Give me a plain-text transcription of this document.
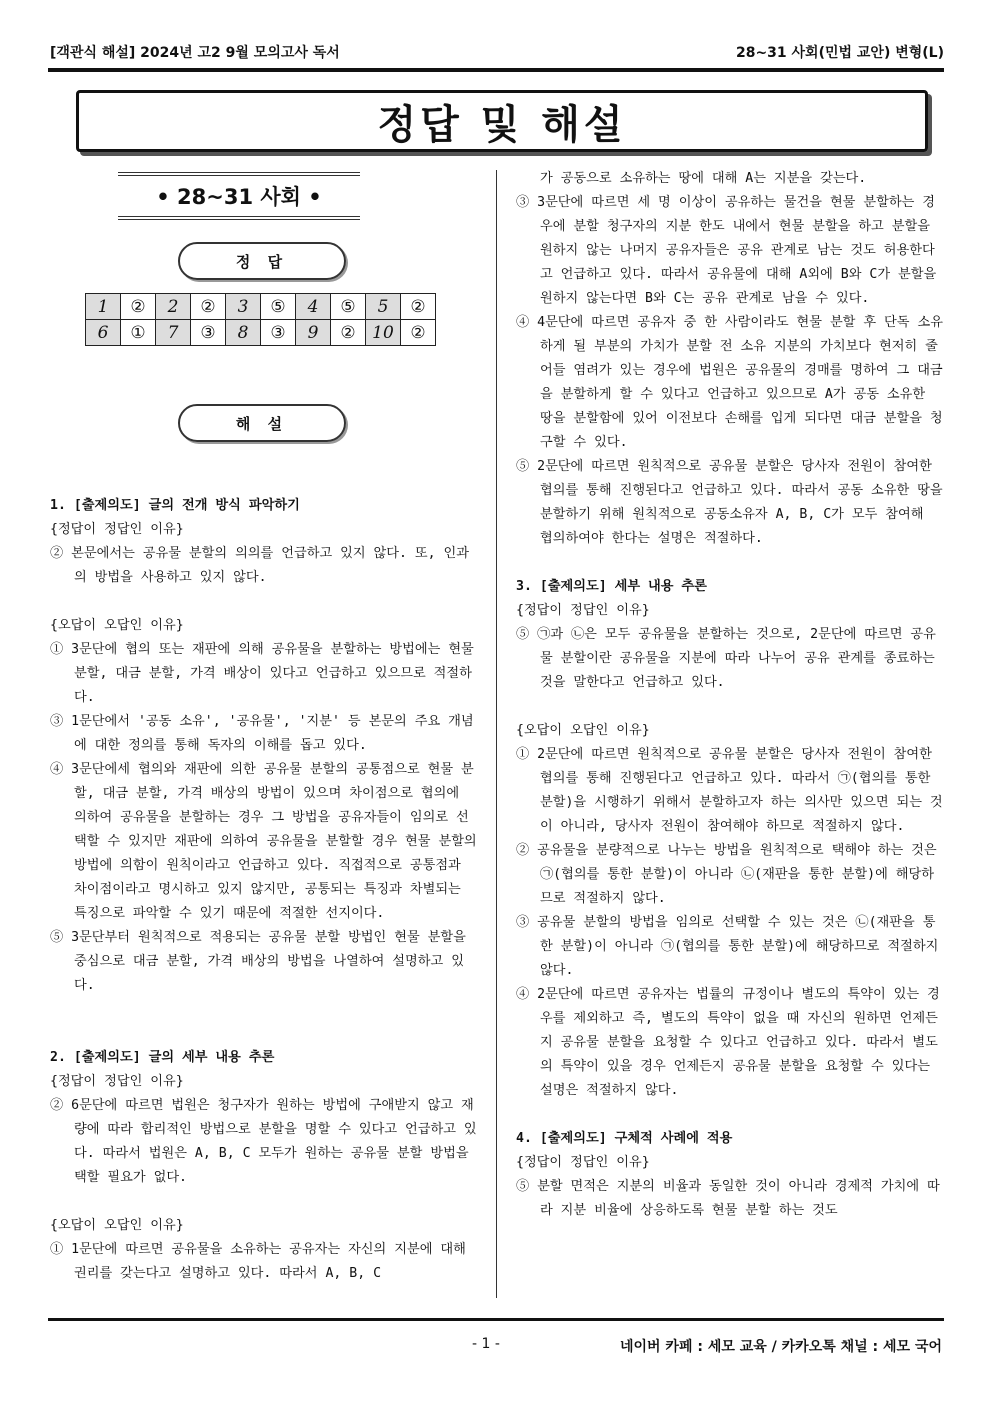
[객관식 해설] 2024년 고2 9월 모의고사 독서	28~31 사회(민법 교안) 변형(L)
정답 및 해설
• 28~31 사회 •
정 답
1	②	2	②	3	⑤	4	⑤	5	②
6	①	7	③	8	③	9	②	10	②
해 설
1. [출제의도] 글의 전개 방식 파악하기
{정답이 정답인 이유}
② 본문에서는 공유물 분할의 의의를 언급하고 있지 않다. 또, 인과의 방법을 사용하고 있지 않다.
{오답이 오답인 이유}
① 3문단에 협의 또는 재판에 의해 공유물을 분할하는 방법에는 현물 분할, 대금 분할, 가격 배상이 있다고 언급하고 있으므로 적절하다.
③ 1문단에서 '공동 소유', '공유물', '지분' 등 본문의 주요 개념에 대한 정의를 통해 독자의 이해를 돕고 있다.
④ 3문단에세 협의와 재판에 의한 공유물 분할의 공통점으로 현물 분할, 대금 분할, 가격 배상의 방법이 있으며 차이점으로 협의에 의하여 공유물을 분할하는 경우 그 방법을 공유자들이 임의로 선택할 수 있지만 재판에 의하여 공유물을 분할할 경우 현물 분할의 방법에 의함이 원칙이라고 언급하고 있다. 직접적으로 공통점과 차이점이라고 명시하고 있지 않지만, 공통되는 특징과 차별되는 특징으로 파악할 수 있기 때문에 적절한 선지이다.
⑤ 3문단부터 원칙적으로 적용되는 공유물 분할 방법인 현물 분할을 중심으로 대금 분할, 가격 배상의 방법을 나열하여 설명하고 있다.
2. [출제의도] 글의 세부 내용 추론
{정답이 정답인 이유}
② 6문단에 따르면 법원은 청구자가 원하는 방법에 구애받지 않고 재량에 따라 합리적인 방법으로 분할을 명할 수 있다고 언급하고 있다. 따라서 법원은 A, B, C 모두가 원하는 공유물 분할 방법을 택할 필요가 없다.
{오답이 오답인 이유}
① 1문단에 따르면 공유물을 소유하는 공유자는 자신의 지분에 대해 권리를 갖는다고 설명하고 있다. 따라서 A, B, C
가 공동으로 소유하는 땅에 대해 A는 지분을 갖는다.
③ 3문단에 따르면 세 명 이상이 공유하는 물건을 현물 분할하는 경우에 분할 청구자의 지분 한도 내에서 현물 분할을 하고 분할을 원하지 않는 나머지 공유자들은 공유 관계로 남는 것도 허용한다고 언급하고 있다. 따라서 공유물에 대해 A외에 B와 C가 분할을 원하지 않는다면 B와 C는 공유 관계로 남을 수 있다.
④ 4문단에 따르면 공유자 중 한 사람이라도 현물 분할 후 단독 소유하게 될 부분의 가치가 분할 전 소유 지분의 가치보다 현저히 줄어들 염려가 있는 경우에 법원은 공유물의 경매를 명하여 그 대금을 분할하게 할 수 있다고 언급하고 있으므로 A가 공동 소유한 땅을 분할함에 있어 이전보다 손해를 입게 되다면 대금 분할을 청구할 수 있다.
⑤ 2문단에 따르면 원칙적으로 공유물 분할은 당사자 전원이 참여한 협의를 통해 진행된다고 언급하고 있다. 따라서 공동 소유한 땅을 분할하기 위해 원칙적으로 공동소유자 A, B, C가 모두 참여해 협의하여야 한다는 설명은 적절하다.
3. [출제의도] 세부 내용 추론
{정답이 정답인 이유}
⑤ ㉠과 ㉡은 모두 공유물을 분할하는 것으로, 2문단에 따르면 공유물 분할이란 공유물을 지분에 따라 나누어 공유 관계를 종료하는 것을 말한다고 언급하고 있다.
{오답이 오답인 이유}
① 2문단에 따르면 원칙적으로 공유물 분할은 당사자 전원이 참여한 협의를 통해 진행된다고 언급하고 있다. 따라서 ㉠(협의를 통한 분할)을 시행하기 위해서 분할하고자 하는 의사만 있으면 되는 것이 아니라, 당사자 전원이 참여해야 하므로 적절하지 않다.
② 공유물을 분량적으로 나누는 방법을 원칙적으로 택해야 하는 것은 ㉠(협의를 통한 분할)이 아니라 ㉡(재판을 통한 분할)에 해당하므로 적절하지 않다.
③ 공유물 분할의 방법을 임의로 선택할 수 있는 것은 ㉡(재판을 통한 분할)이 아니라 ㉠(협의를 통한 분할)에 해당하므로 적절하지 않다.
④ 2문단에 따르면 공유자는 법률의 규정이나 별도의 특약이 있는 경우를 제외하고 즉, 별도의 특약이 없을 때 자신의 원하면 언제든지 공유물 분할을 요청할 수 있다고 언급하고 있다. 따라서 별도의 특약이 있을 경우 언제든지 공유물 분할을 요청할 수 있다는 설명은 적절하지 않다.
4. [출제의도] 구체적 사례에 적용
{정답이 정답인 이유}
⑤ 분할 면적은 지분의 비율과 동일한 것이 아니라 경제적 가치에 따라 지분 비율에 상응하도록 현물 분할 하는 것도
- 1 -	네이버 카페 : 세모 교육 / 카카오톡 채널 : 세모 국어
